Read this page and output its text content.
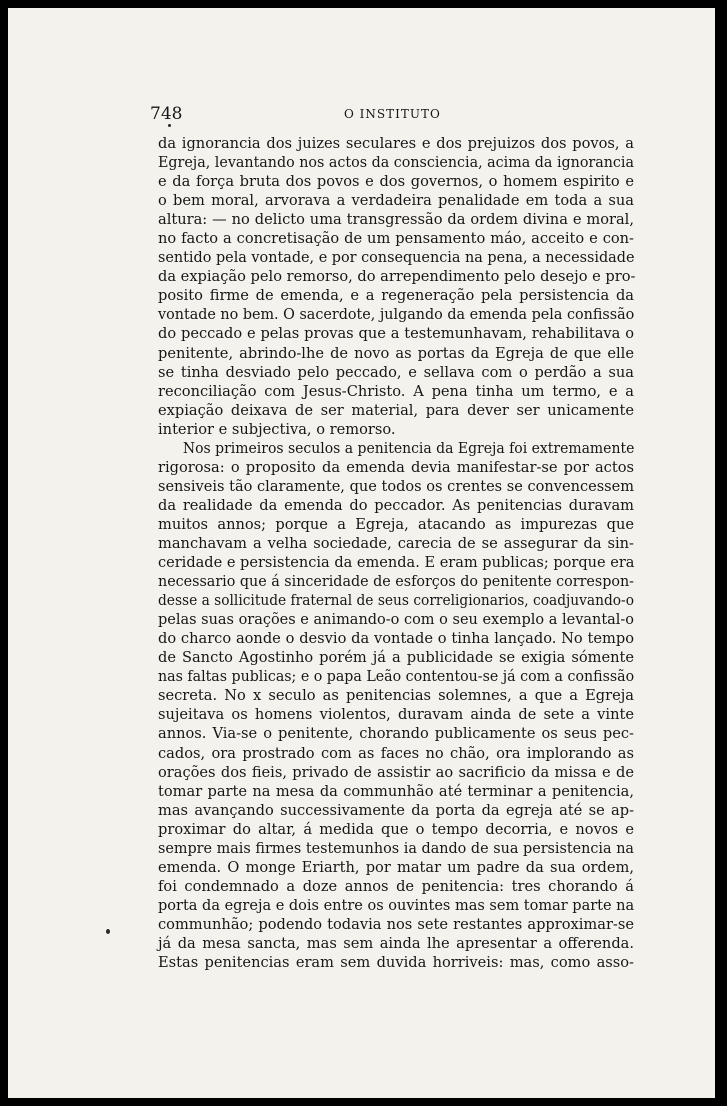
748	O INSTITUTO
da ignorancia dos juizes seculares e dos prejuizos dos povos, a
Egreja, levantando nos actos da consciencia, acima da ignorancia
e da força bruta dos povos e dos governos, o homem espirito e
o bem moral, arvorava a verdadeira penalidade em toda a sua
altura: — no delicto uma transgressão da ordem divina e moral,
no facto a concretisação de um pensamento máo, acceito e con-
sentido pela vontade, e por consequencia na pena, a necessidade
da expiação pelo remorso, do arrependimento pelo desejo e pro-
posito firme de emenda, e a regeneração pela persistencia da
vontade no bem. O sacerdote, julgando da emenda pela confissão
do peccado e pelas provas que a testemunhavam, rehabilitava o
penitente, abrindo-lhe de novo as portas da Egreja de que elle
se tinha desviado pelo peccado, e sellava com o perdão a sua
reconciliação com Jesus-Christo. A pena tinha um termo, e a
expiação deixava de ser material, para dever ser unicamente
interior e subjectiva, o remorso.
Nos primeiros seculos a penitencia da Egreja foi extremamente
rigorosa: o proposito da emenda devia manifestar-se por actos
sensiveis tão claramente, que todos os crentes se convencessem
da realidade da emenda do peccador. As penitencias duravam
muitos annos; porque a Egreja, atacando as impurezas que
manchavam a velha sociedade, carecia de se assegurar da sin-
ceridade e persistencia da emenda. E eram publicas; porque era
necessario que á sinceridade de esforços do penitente correspon-
desse a sollicitude fraternal de seus correligionarios, coadjuvando-o
pelas suas orações e animando-o com o seu exemplo a levantal-o
do charco aonde o desvio da vontade o tinha lançado. No tempo
de Sancto Agostinho porém já a publicidade se exigia sómente
nas faltas publicas; e o papa Leão contentou-se já com a confissão
secreta. No x seculo as penitencias solemnes, a que a Egreja
sujeitava os homens violentos, duravam ainda de sete a vinte
annos. Via-se o penitente, chorando publicamente os seus pec-
cados, ora prostrado com as faces no chão, ora implorando as
orações dos fieis, privado de assistir ao sacrificio da missa e de
tomar parte na mesa da communhão até terminar a penitencia,
mas avançando successivamente da porta da egreja até se ap-
proximar do altar, á medida que o tempo decorria, e novos e
sempre mais firmes testemunhos ia dando de sua persistencia na
emenda. O monge Eriarth, por matar um padre da sua ordem,
foi condemnado a doze annos de penitencia: tres chorando á
porta da egreja e dois entre os ouvintes mas sem tomar parte na
communhão; podendo todavia nos sete restantes approximar-se
já da mesa sancta, mas sem ainda lhe apresentar a offerenda.
Estas penitencias eram sem duvida horriveis: mas, como asso-
